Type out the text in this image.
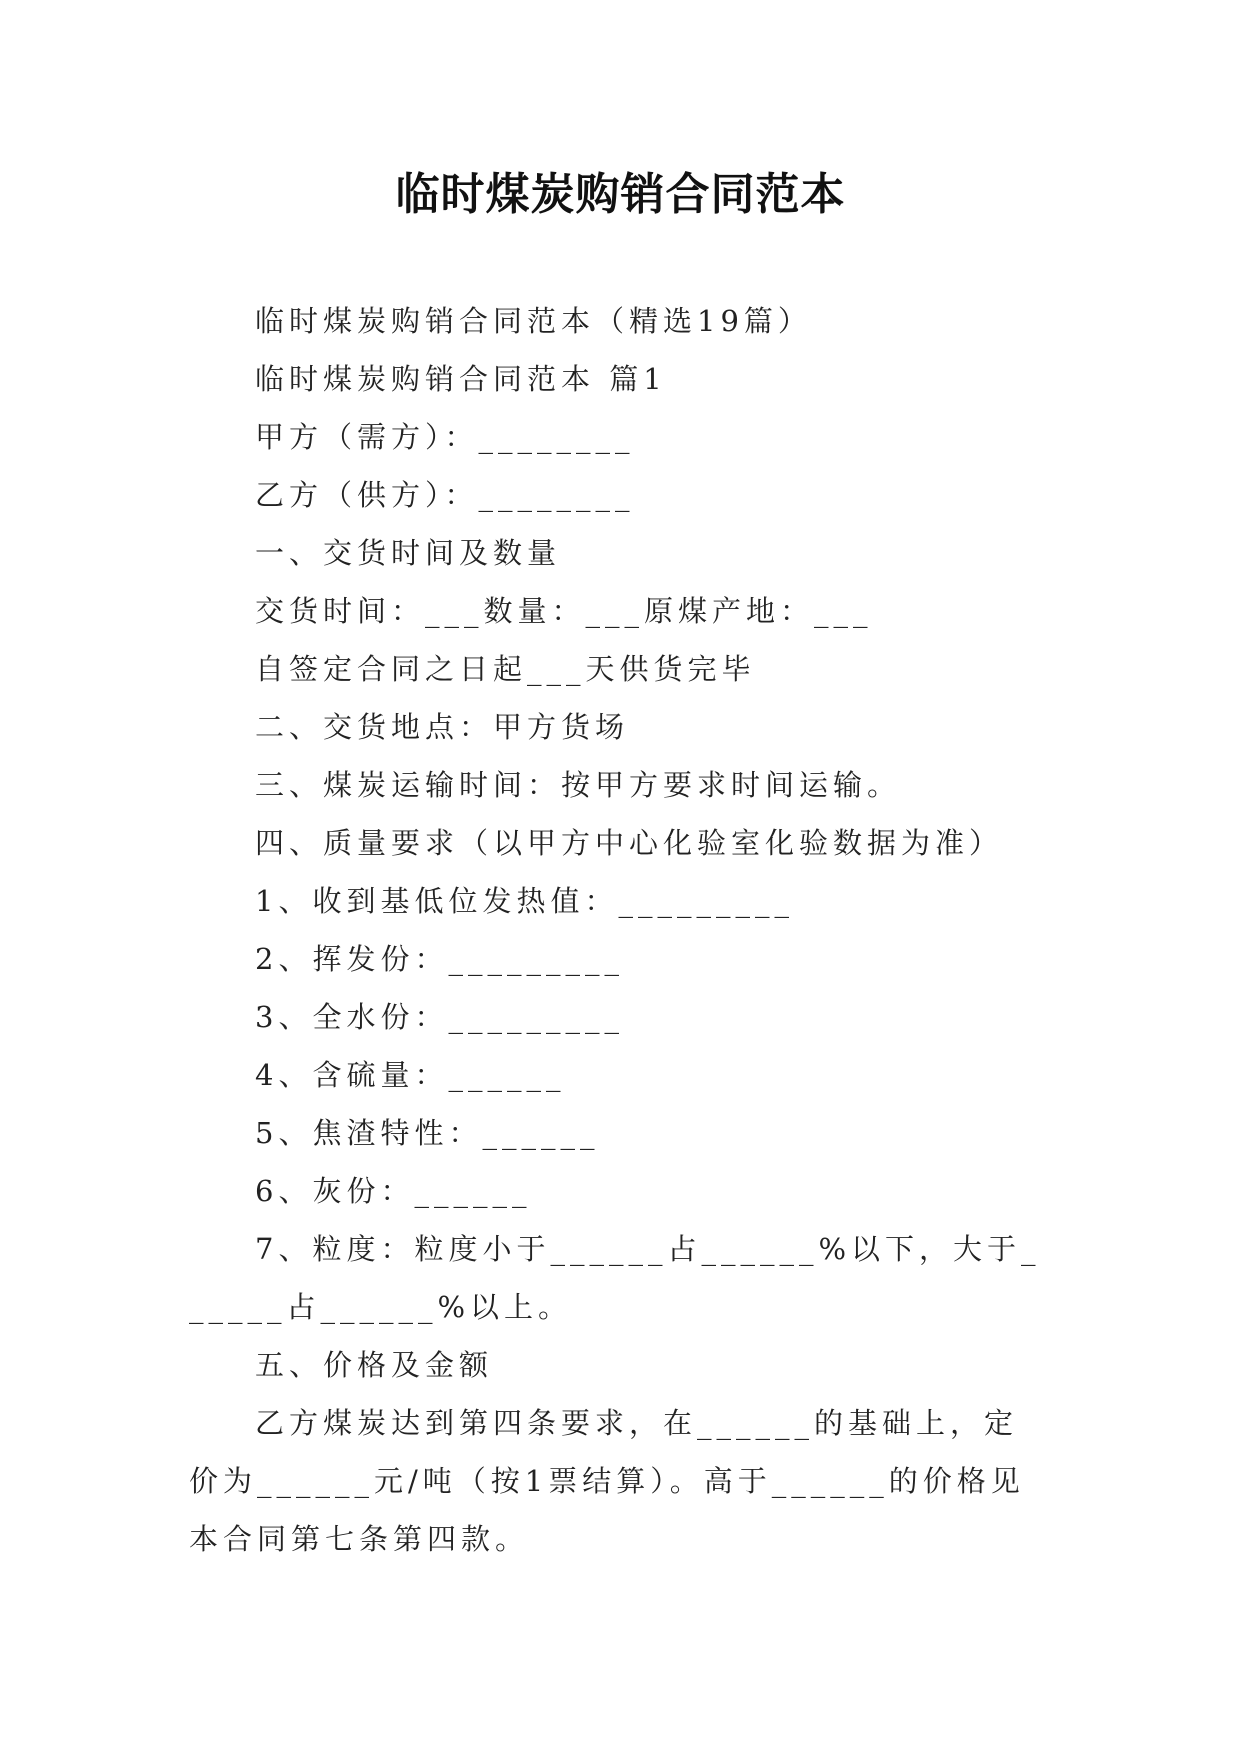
临时煤炭购销合同范本

临时煤炭购销合同范本（精选19篇）

临时煤炭购销合同范本 篇1

甲方（需方）：________

乙方（供方）：________

一、交货时间及数量

交货时间：___数量：___原煤产地：___

自签定合同之日起___天供货完毕

二、交货地点：甲方货场

三、煤炭运输时间：按甲方要求时间运输。

四、质量要求（以甲方中心化验室化验数据为准）

1、收到基低位发热值：_________

2、挥发份：_________

3、全水份：_________

4、含硫量：______

5、焦渣特性：______

6、灰份：______

7、粒度：粒度小于______占______%以下，大于______占______%以上。

五、价格及金额

乙方煤炭达到第四条要求，在______的基础上，定价为______元/吨（按1票结算）。高于______的价格见本合同第七条第四款。
